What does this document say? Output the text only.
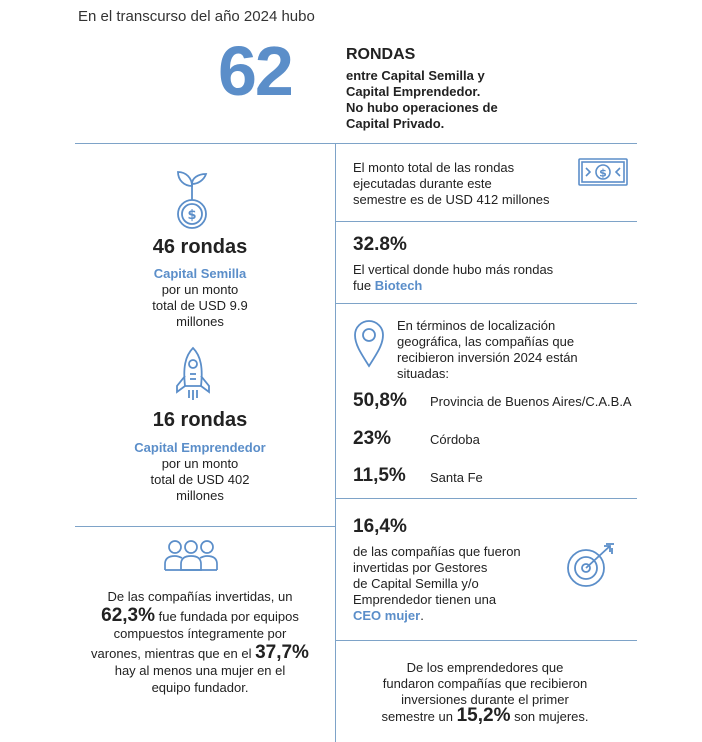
En el transcurso del año 2024 hubo
62	RONDAS
entre Capital Semilla y
Capital Emprendedor.
No hubo operaciones de
Capital Privado.
$
46 rondas
Capital Semilla
por un monto
total de USD 9.9
millones
16 rondas
Capital Emprendedor
por un monto
total de USD 402
millones
El monto total de las rondas
ejecutadas durante este
semestre es de USD 412 millones
$
32.8%
El vertical donde hubo más rondas
fue Biotech
En términos de localización
geográfica, las compañías que
recibieron inversión 2024 están
situadas:
50,8% Provincia de Buenos Aires/C.A.B.A
23%	Córdoba
11,5% Santa Fe
De las compañías invertidas, un
62,3% fue fundada por equipos
compuestos íntegramente por
varones, mientras que en el 37,7%
hay al menos una mujer en el
equipo fundador.
16,4%
de las compañías que fueron
invertidas por Gestores
de Capital Semilla y/o
Emprendedor tienen una
CEO mujer.
De los emprendedores que
fundaron compañías que recibieron
inversiones durante el primer
semestre un 15,2% son mujeres.
